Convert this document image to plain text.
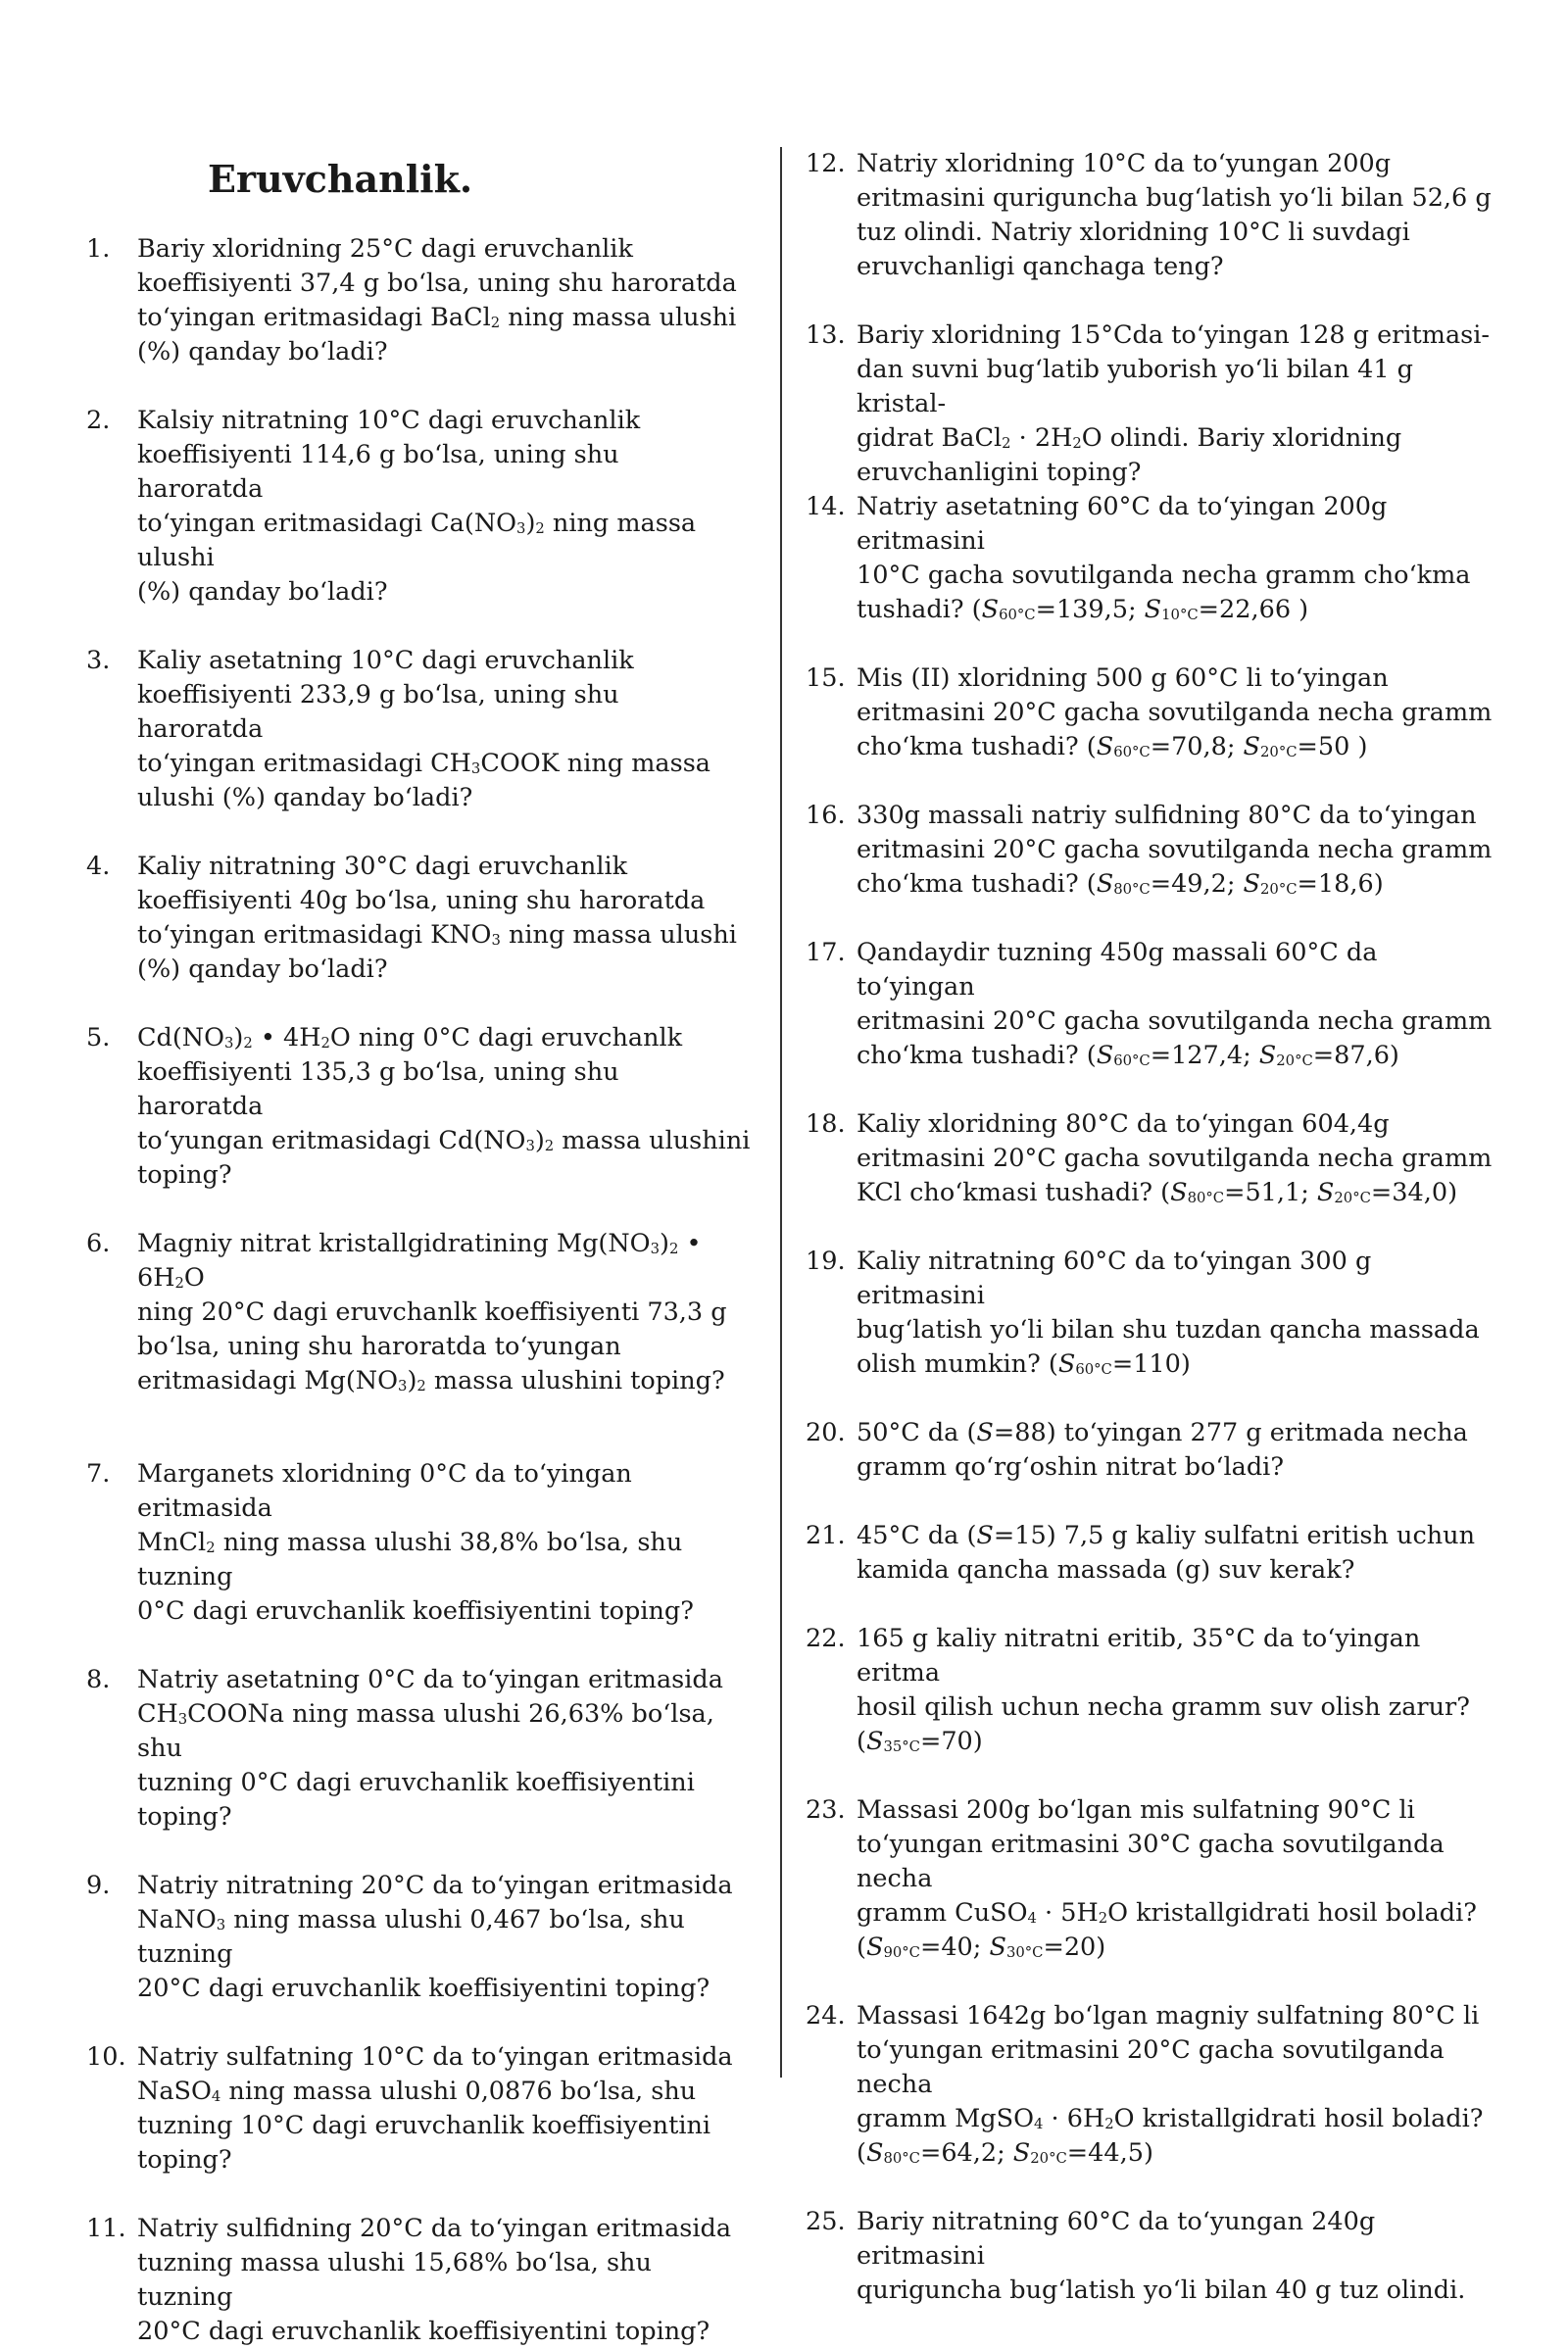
Eruvchanlik.
1.	Bariy xloridning 25°C dagi eruvchanlik
koeffisiyenti 37,4 g bo‘lsa, uning shu haroratda
to‘yingan eritmasidagi BaCl$_2$ ning massa ulushi
(%) qanday bo‘ladi?
2.	Kalsiy nitratning 10°C dagi eruvchanlik
koeffisiyenti 114,6 g bo‘lsa, uning shu haroratda
to‘yingan eritmasidagi $Ca(NO_3)_2$ ning massa ulushi
(%) qanday bo‘ladi?
3.	Kaliy asetatning 10°C dagi eruvchanlik
koeffisiyenti 233,9 g bo‘lsa, uning shu haroratda
to‘yingan eritmasidagi $CH_3COOK$ ning massa
ulushi (%) qanday bo‘ladi?
4.	Kaliy nitratning 30°C dagi eruvchanlik
koeffisiyenti 40g bo‘lsa, uning shu haroratda
to‘yingan eritmasidagi $KNO_3$ ning massa ulushi
(%) qanday bo‘ladi?
5.	$Cd(NO_3)_2$ • $4H_2O$ ning 0°C dagi eruvchanlk
koeffisiyenti 135,3 g bo‘lsa, uning shu haroratda
to‘yungan eritmasidagi $Cd(NO_3)_2$ massa ulushini
toping?
6.	Magniy nitrat kristallgidratining $Mg(NO_3)_2$ • $6H_2O$
ning 20°C dagi eruvchanlk koeffisiyenti 73,3 g
bo‘lsa, uning shu haroratda to‘yungan
eritmasidagi $Mg(NO_3)_2$ massa ulushini toping?
7.	Marganets xloridning 0°C da to‘yingan eritmasida
MnCl$_2$ ning massa ulushi 38,8% bo‘lsa, shu tuzning
0°C dagi eruvchanlik koeffisiyentini toping?
8.	Natriy asetatning 0°C da to‘yingan eritmasida
$CH_3COONa$ ning massa ulushi 26,63% bo‘lsa, shu
tuzning 0°C dagi eruvchanlik koeffisiyentini
toping?
9.	Natriy nitratning 20°C da to‘yingan eritmasida
NaNO$_3$ ning massa ulushi 0,467 bo‘lsa, shu tuzning
20°C dagi eruvchanlik koeffisiyentini toping?
10. Natriy sulfatning 10°C da to‘yingan eritmasida
NaSO$_4$ ning massa ulushi 0,0876 bo‘lsa, shu
tuzning 10°C dagi eruvchanlik koeffisiyentini
toping?
11. Natriy sulfidning 20°C da to‘yingan eritmasida
tuzning massa ulushi 15,68% bo‘lsa, shu tuzning
20°C dagi eruvchanlik koeffisiyentini toping?
12. Natriy xloridning 10°C da to‘yungan 200g
eritmasini quriguncha bug‘latish yo‘li bilan 52,6 g
tuz olindi. Natriy xloridning 10°C li suvdagi
eruvchanligi qanchaga teng?
13. Bariy xloridning 15°Cda to‘yingan 128 g eritmasi-
dan suvni bug‘latib yuborish yo‘li bilan 41 g kristal-
gidrat BaCl$_2$ · $2H_2O$ olindi. Bariy xloridning
eruvchanligini toping?
14. Natriy asetatning 60°C da to‘yingan 200g eritmasini
10°C gacha sovutilganda necha gramm cho‘kma
tushadi? ($S_{60^\circ C}=139,5$; $S_{10^\circ C}=22,66$ )
15. Mis (II) xloridning 500 g 60°C li to‘yingan
eritmasini 20°C gacha sovutilganda necha gramm
cho‘kma tushadi? ($S_{60^\circ C}=70,8$; $S_{20^\circ C}=50$ )
16. 330g massali natriy sulfidning 80°C da to‘yingan
eritmasini 20°C gacha sovutilganda necha gramm
cho‘kma tushadi? ($S_{80^\circ C}=49,2$; $S_{20^\circ C}=18,6$)
17. Qandaydir tuzning 450g massali 60°C da to‘yingan
eritmasini 20°C gacha sovutilganda necha gramm
cho‘kma tushadi? ($S_{60^\circ C}=127,4$; $S_{20^\circ C}=87,6$)
18. Kaliy xloridning 80°C da to‘yingan 604,4g
eritmasini 20°C gacha sovutilganda necha gramm
KCl cho‘kmasi tushadi? ($S_{80^\circ C}=51,1$; $S_{20^\circ C}=34,0$)
19. Kaliy nitratning 60°C da to‘yingan 300 g eritmasini
bug‘latish yo‘li bilan shu tuzdan qancha massada
olish mumkin? $(S_{60^\circ C}=110)$
20. 50°C da (S=88) to‘yingan 277 g eritmada necha
gramm qo‘rg‘oshin nitrat bo‘ladi?
21. 45°C da (S=15) 7,5 g kaliy sulfatni eritish uchun
kamida qancha massada (g) suv kerak?
22. 165 g kaliy nitratni eritib, 35°C da to‘yingan eritma
hosil qilish uchun necha gramm suv olish zarur?
$(S_{35^\circ C}=70)$
23. Massasi 200g bo‘lgan mis sulfatning 90°C li
to‘yungan eritmasini 30°C gacha sovutilganda necha
gramm CuSO$_4$ · $5H_2O$ kristallgidrati hosil boladi?
($S_{90^\circ C}=40$; $S_{30^\circ C}=20$)
24. Massasi 1642g bo‘lgan magniy sulfatning 80°C li
to‘yungan eritmasini 20°C gacha sovutilganda necha
gramm MgSO$_4$ · $6H_2O$ kristallgidrati hosil boladi?
($S_{80^\circ C}=64,2$; $S_{20^\circ C}=44,5$)
25. Bariy nitratning 60°C da to‘yungan 240g eritmasini
quriguncha bug‘latish yo‘li bilan 40 g tuz olindi.
